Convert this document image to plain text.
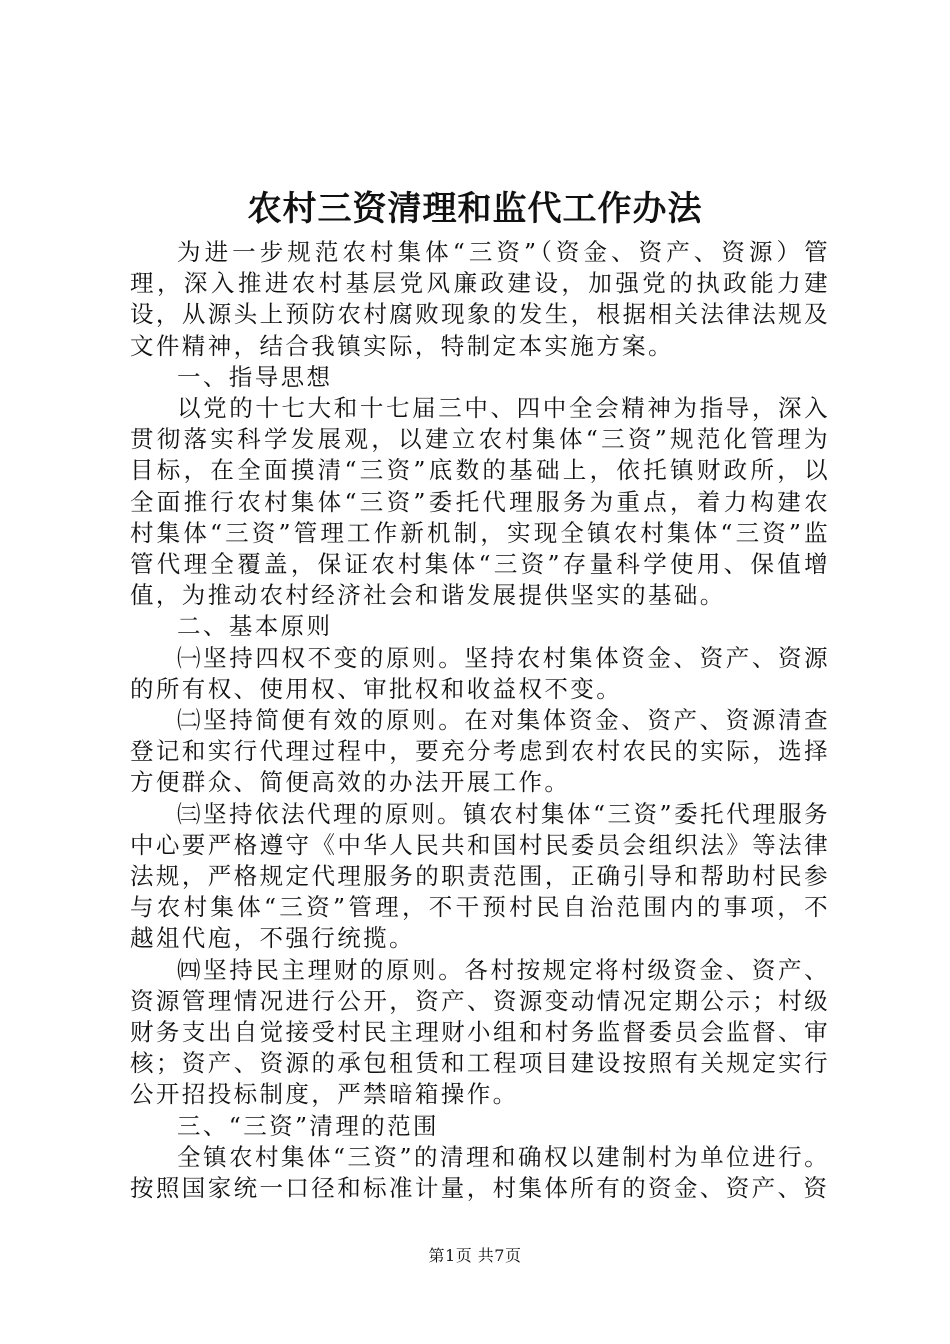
农村三资清理和监代工作办法

为进一步规范农村集体“三资”（资金、资产、资源）管理，深入推进农村基层党风廉政建设，加强党的执政能力建设，从源头上预防农村腐败现象的发生，根据相关法律法规及文件精神，结合我镇实际，特制定本实施方案。

一、指导思想

以党的十七大和十七届三中、四中全会精神为指导，深入贯彻落实科学发展观，以建立农村集体“三资”规范化管理为目标，在全面摸清“三资”底数的基础上，依托镇财政所，以全面推行农村集体“三资”委托代理服务为重点，着力构建农村集体“三资”管理工作新机制，实现全镇农村集体“三资”监管代理全覆盖，保证农村集体“三资”存量科学使用、保值增值，为推动农村经济社会和谐发展提供坚实的基础。

二、基本原则

㈠坚持四权不变的原则。坚持农村集体资金、资产、资源的所有权、使用权、审批权和收益权不变。

㈡坚持简便有效的原则。在对集体资金、资产、资源清查登记和实行代理过程中，要充分考虑到农村农民的实际，选择方便群众、简便高效的办法开展工作。

㈢坚持依法代理的原则。镇农村集体“三资”委托代理服务中心要严格遵守《中华人民共和国村民委员会组织法》等法律法规，严格规定代理服务的职责范围，正确引导和帮助村民参与农村集体“三资”管理，不干预村民自治范围内的事项，不越俎代庖，不强行统揽。

㈣坚持民主理财的原则。各村按规定将村级资金、资产、资源管理情况进行公开，资产、资源变动情况定期公示；村级财务支出自觉接受村民主理财小组和村务监督委员会监督、审核；资产、资源的承包租赁和工程项目建设按照有关规定实行公开招投标制度，严禁暗箱操作。

三、“三资”清理的范围

全镇农村集体“三资”的清理和确权以建制村为单位进行。按照国家统一口径和标准计量，村集体所有的资金、资产、资

第1页 共7页
